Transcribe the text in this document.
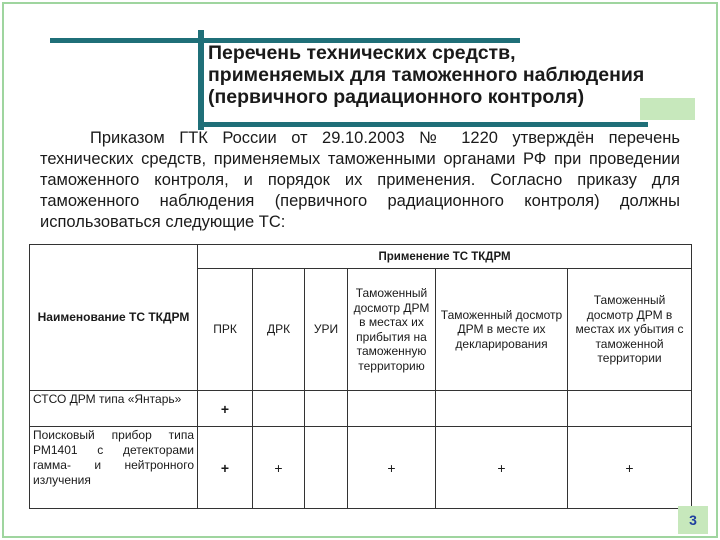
Перечень технических средств,
применяемых для таможенного наблюдения
(первичного радиационного контроля)
Приказом ГТК России от 29.10.2003 № 1220 утверждён перечень технических средств, применяемых таможенными органами РФ при проведении таможенного контроля, и порядок их применения. Согласно приказу для таможенного наблюдения (первичного радиационного контроля) должны использоваться следующие ТС:
Наименование ТС ТКДРМ	Применение ТС ТКДРМ					
	ПРК	ДРК	УРИ	Таможенный досмотр ДРМ в местах их прибытия на таможенную территорию	Таможенный досмотр ДРМ в месте их декларирования	Таможенный досмотр ДРМ в местах их убытия с таможенной территории
СТСО ДРМ типа «Янтарь»	+					
Поисковый прибор типа РМ1401 с детекторами гамма- и нейтронного излучения	+	+		+	+	+
3
